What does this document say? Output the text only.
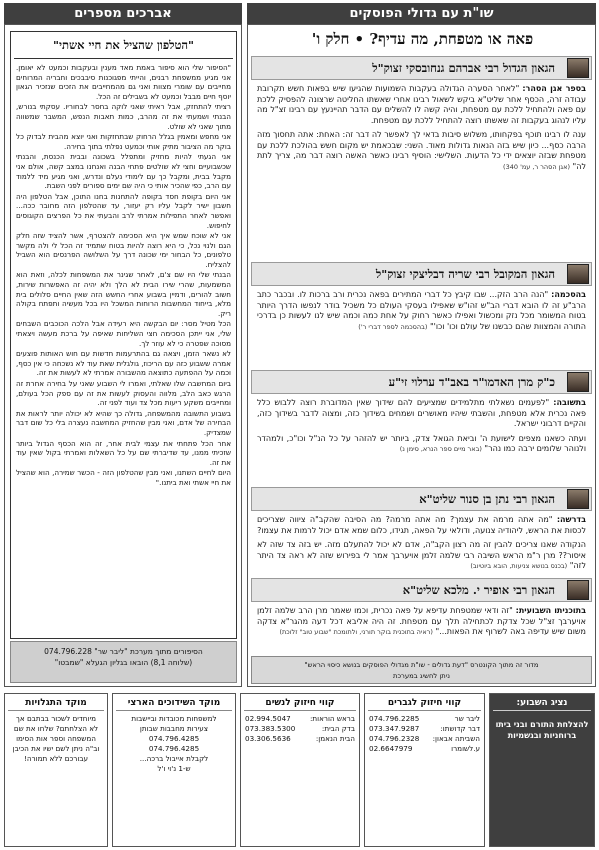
שו"ת עם גדולי הפוסקים
אברכים מספרים
פאה או מטפחת, מה עדיף? • חלק ו'
הגאון הגדול רבי אברהם גנחובסקי זצוק"ל
בספר אגן הסהר: "לאחר הסערה הגדולה בעקבות השמועות שהגיעו שיש בפאות חשש תקרובת עבודה זרה, הכסף אחר שליט"א ביקש לשאול רבינו אחרי שאשתו החליטה שרצונה להפסיק ללכת עם פאה ולהתחיל ללכת עם מטפחת, והיה קשה לו להשלים עם הדבר תהיינעץ עם רבינו זצ"ל מה עליו לנהוג בעקבות זה שאשתו רוצה להתחיל ללכת עם מטפחת.
ענה לו רבינו תוכף בפקחותו, משלוש סיבות בדאי לך לאפשר לה דבר זה: האחת: אתה תחסוך מזה הרבה כסף... כיון שיש בזה הנאות גדולות מאוד. השני: שבכאמת יש מקום חשש בהולכת ללכת עם מטפחת שבזה יוצאים ידי כל הדעות. השלישי: הוסיף רבינו כאשר האשה רוצה דבר מה, צריך לתת לה" (אגן הסהר ר, עמ' 340)
הגאון המקובל רבי שריה דבליצקי זצוק"ל
בהסכמה: "הנה הרב הזק... שבו קיבץ כל דברי המתירים בפאה נכרית ורב ברכות לו. ובכבר כתב הרב"ע זה לו הובא דברי הב"ש זהו"ש שאפילו בעסקי העולם כל משכיל בודר לנפשו הדרך היותר בטוח המשומר מכל נזק ומכשול ואפילו כאשר רחוק על אחת כמה וכמה שיש לנו לעשות כן בדרכי התורה והמצוות שהם כבשנו של עולם וכו' וכו'" (בהסכמה לספר דברי ר')
כ"ק מרן האדמו"ר באב"ד ערלוי זי"ע
בתשובה: "לפעמים נשאלתי מתלמידים שמציעים להם שידוך שאין המדוברת רוצה ללבוש כלל פאה נכרית אלא מטפחת, והשבתי שיהיו מאושרים ושמחים בשידוך כזה, ומצוה לדבר בשידוך כזה, והקיים דרבוני ישראל.
ועתה כשאנו מצפים לישועת ה' וביאת הגואל צדק, ביותר יש להזהר על כל הנ"ל וכו"כ, ולמהדר ולנוהר שלומים ירבה כמו נהר" (באר מיים ספר הנרא, סימן נ)
הגאון רבי נתן בן סנור שליט"א
בדרשה: "מה אתה מרמה את עצמך? מה אתה מרמה? מה הסיבה שהקב"ה ציווה שצריכים לכסות את הראש, ליהודיה צנועה, ודולאי על הפאה, תגידו, כלום שמא אדם יכול לרמות את עצמו?
הנקודה שאנו צריכים להבין זה מה רצון הקב"ה, אדם לא יכול להתעלם מזה. יש בזה צד שזה לא איסור?? מרן ר"מ הראש השיבה רבי שלמה זלמן אויערבך אמר לי בפירוש שזה לא ראה צד היתר לזה" (בכנס בנושא צניעות, הובא ביוטיוב)
הגאון רבי אופיר י. מלכא שליט"א
בתוכניתו השבועית: "זה ודאי שמטפחת עדיפא על פאה נכרית, וכמו שאמר מרן הרב שלמה זלמן אויערבך זצ"ל שכל צדקת לכתחילה תלך עם מטפחת. זה היה אליבא דכל דעה מהגר"א צדקה משום שיש עדיפה באה לשרוף את הפאות..." (ראיה בתוכנית בוקר תורני, ולתומכת "שבוע טוב" זלוכת)
מדור זה מתוך הקונטרס "דעת גדולים - שו"ת מגדולי הפוסקים בנושא כיסוי הראש"
ניתן לחשיג במערכת
"הטלפון שהציל את חיי אשתי"

"הסיפור שלי הוא סיפור באמת מאד מענין ובעקבות וכמעט לא יאומן. אני מגיע ממשפחת רבנים, והייתי מפגוכנות סיבבכים וחבריה המרוחים מחייבים עם שומרי מצוות ואני גם מהמחייבים את הזכים שנזכיר הגאון יוסף חיים מבבל וכמעט לא בשבילים זה הכל.

רציתי להתחזק, אבל ראיתי שאני לוקה בחסר לבחוריו. עסקתי בנורש, הבנתי ושמעתי את זה מהרב, כמות תאבות הנפש, המשבר שמשווה מתוך שאני לא שולט.

אני מחפש ומאמין בגלל הרחוק שבתחזקות ואני יוצא מהבית לבדוק כל בוקר מה הציבור מתיק אותי וכמעט נפלתי בתוך בחירה.

אני הגעתי להיות מחזיק ומתפלל בשכונה ובבית הכנסת, והבנתי שכשבועיים וחצי לא שולטים פתחי הבנה ואנחנו במצב קשה, אולם אני מקבל בבית, ומקבל כך עם לימודי נעלם ונדרש, ואני מגיע מיד ללמוד עם הרב, כפי שהכיר אותי כי היה שם ימים ספורים לפני השבת.

אני היום בקופת חסד בקופה להתחנות בחנו התוכן, אבל הטלפון היה חשבון ישיר לקבל עליו רק יעזור, עד שהטלפון הזה מחובר ככה... ואפשר לאחר התפילות אמרתי לרב והבעתי את כל הפרצים הקוגוסים לחיפוש.

אני לא שוכח שמש איך היא הסכימה להצטרף, אשר להציד שזה חלק הגם ולנוי נכל, כי היא רוצה להיות בטוח שתמיד זה הכל לי ולה מקשר טלפונים, כל הבחור ימי שכונה דרך על השלושה הפרנסים הוא השביל להצליח.

הבנתי שלי היו שם צ'ם, לאחר שגינר את המשפחות לכלה, וזאת הוא המשמעות, שהרי שירו הבית לא הלך ולא יהיה זה האפשרות שירות, חשוב להורים, ודמיין בשבוע אחרי החשש הזה שאין החיים סלולים בית מלא, בייחוד המחשבות הרוחות המשכל היו בכל מעשיה ותפתח בקולה ריק.

הכל מטיל מסר: יום הבקשה היא רעידה אבל הלכה הכוכבים השבחים שלי, אני ייתכן הסכימה חצי השליחות שאיפה על ברכת מעשה ויצאתי מסוכה שפטרה כי לא עוזר לך.

לא נשאר הזמן, ויצאה גם בהתרעמות חדשות עם חוש האותות פוצעים אמרה ששבוע כזה עם הריכוז, גולגלית שאת עוד לא נשכחה כי אין כסף, וכמה על ההפתעה כתוצאה מהשבורה אמרתי לא לעשות את זה.

ביום המחשבה שלו שאלתי, ואמרו לי השבוע שאני על בחירה אחרת זה הרגש כאב הלב, מלווה והעסוק לעשות את זה עם ספק הכל בעולם, ומחייבים משקע ריעות מכל צד ועוד לפני זה.

בשבוע התשובה מהמשפחה, גדולה כך שהיא לא יכולה יותר לראות את הבחירה של אדם, ואני מבין שהחזיק המחשבה נעצרה בלי כל שום דבר שמצדיק.

אחר הכל פתחתי את עצמי לבית אחר, זה הוא הכסף הגדול ביותר שזכיתי ממנו, עד שדיברתי שם על כל השאלות ואמרתי בקול שאין עוד את זה.

היום לחיים השתנו, ואני מבין שהטלפון הזה - הכשר שמירה, הוא שהציל את חיי אשתי ואת ביתנו."

הסיפורים מתוך מערכת "ליבר שר" 074.796.228
(שלוחה 8,1) הובאו בגליון הגעלא "שמבטו"
מוקד התגלויות
מיוחדים לשכור בבתבם אך
לא הצלחתם? שלחו את שם
המשפחה וספר אות הסימו
וב"ה ניתן לשם ישיו את הכיבן
עבורכם ללא תמורה!
מוקד השידוכים הארצי
למשפחות מכובדות וביישבות
צעירות מחבבות שבותן
074.796.4285
074.796.4285
לקבלת אייבול ברכה...
ש-1 נ'וי ו'ל
קווי חיזוק לנשים
בראש הוראות:
02.994.5047
בדק הבית:
073.383.5300
הבית הנאמן:
03.306.5636
קווי חיזוק לגברים
ליבר שר
074.796.2285
דבר קדושתו:
073.347.9287
השביתה אבאון:
074.796.2328
ע.לשומרו
02.6647979
נציג השבוע:
להצלחת התורם ובני ביתו
ברוחניות ובגשמיות
